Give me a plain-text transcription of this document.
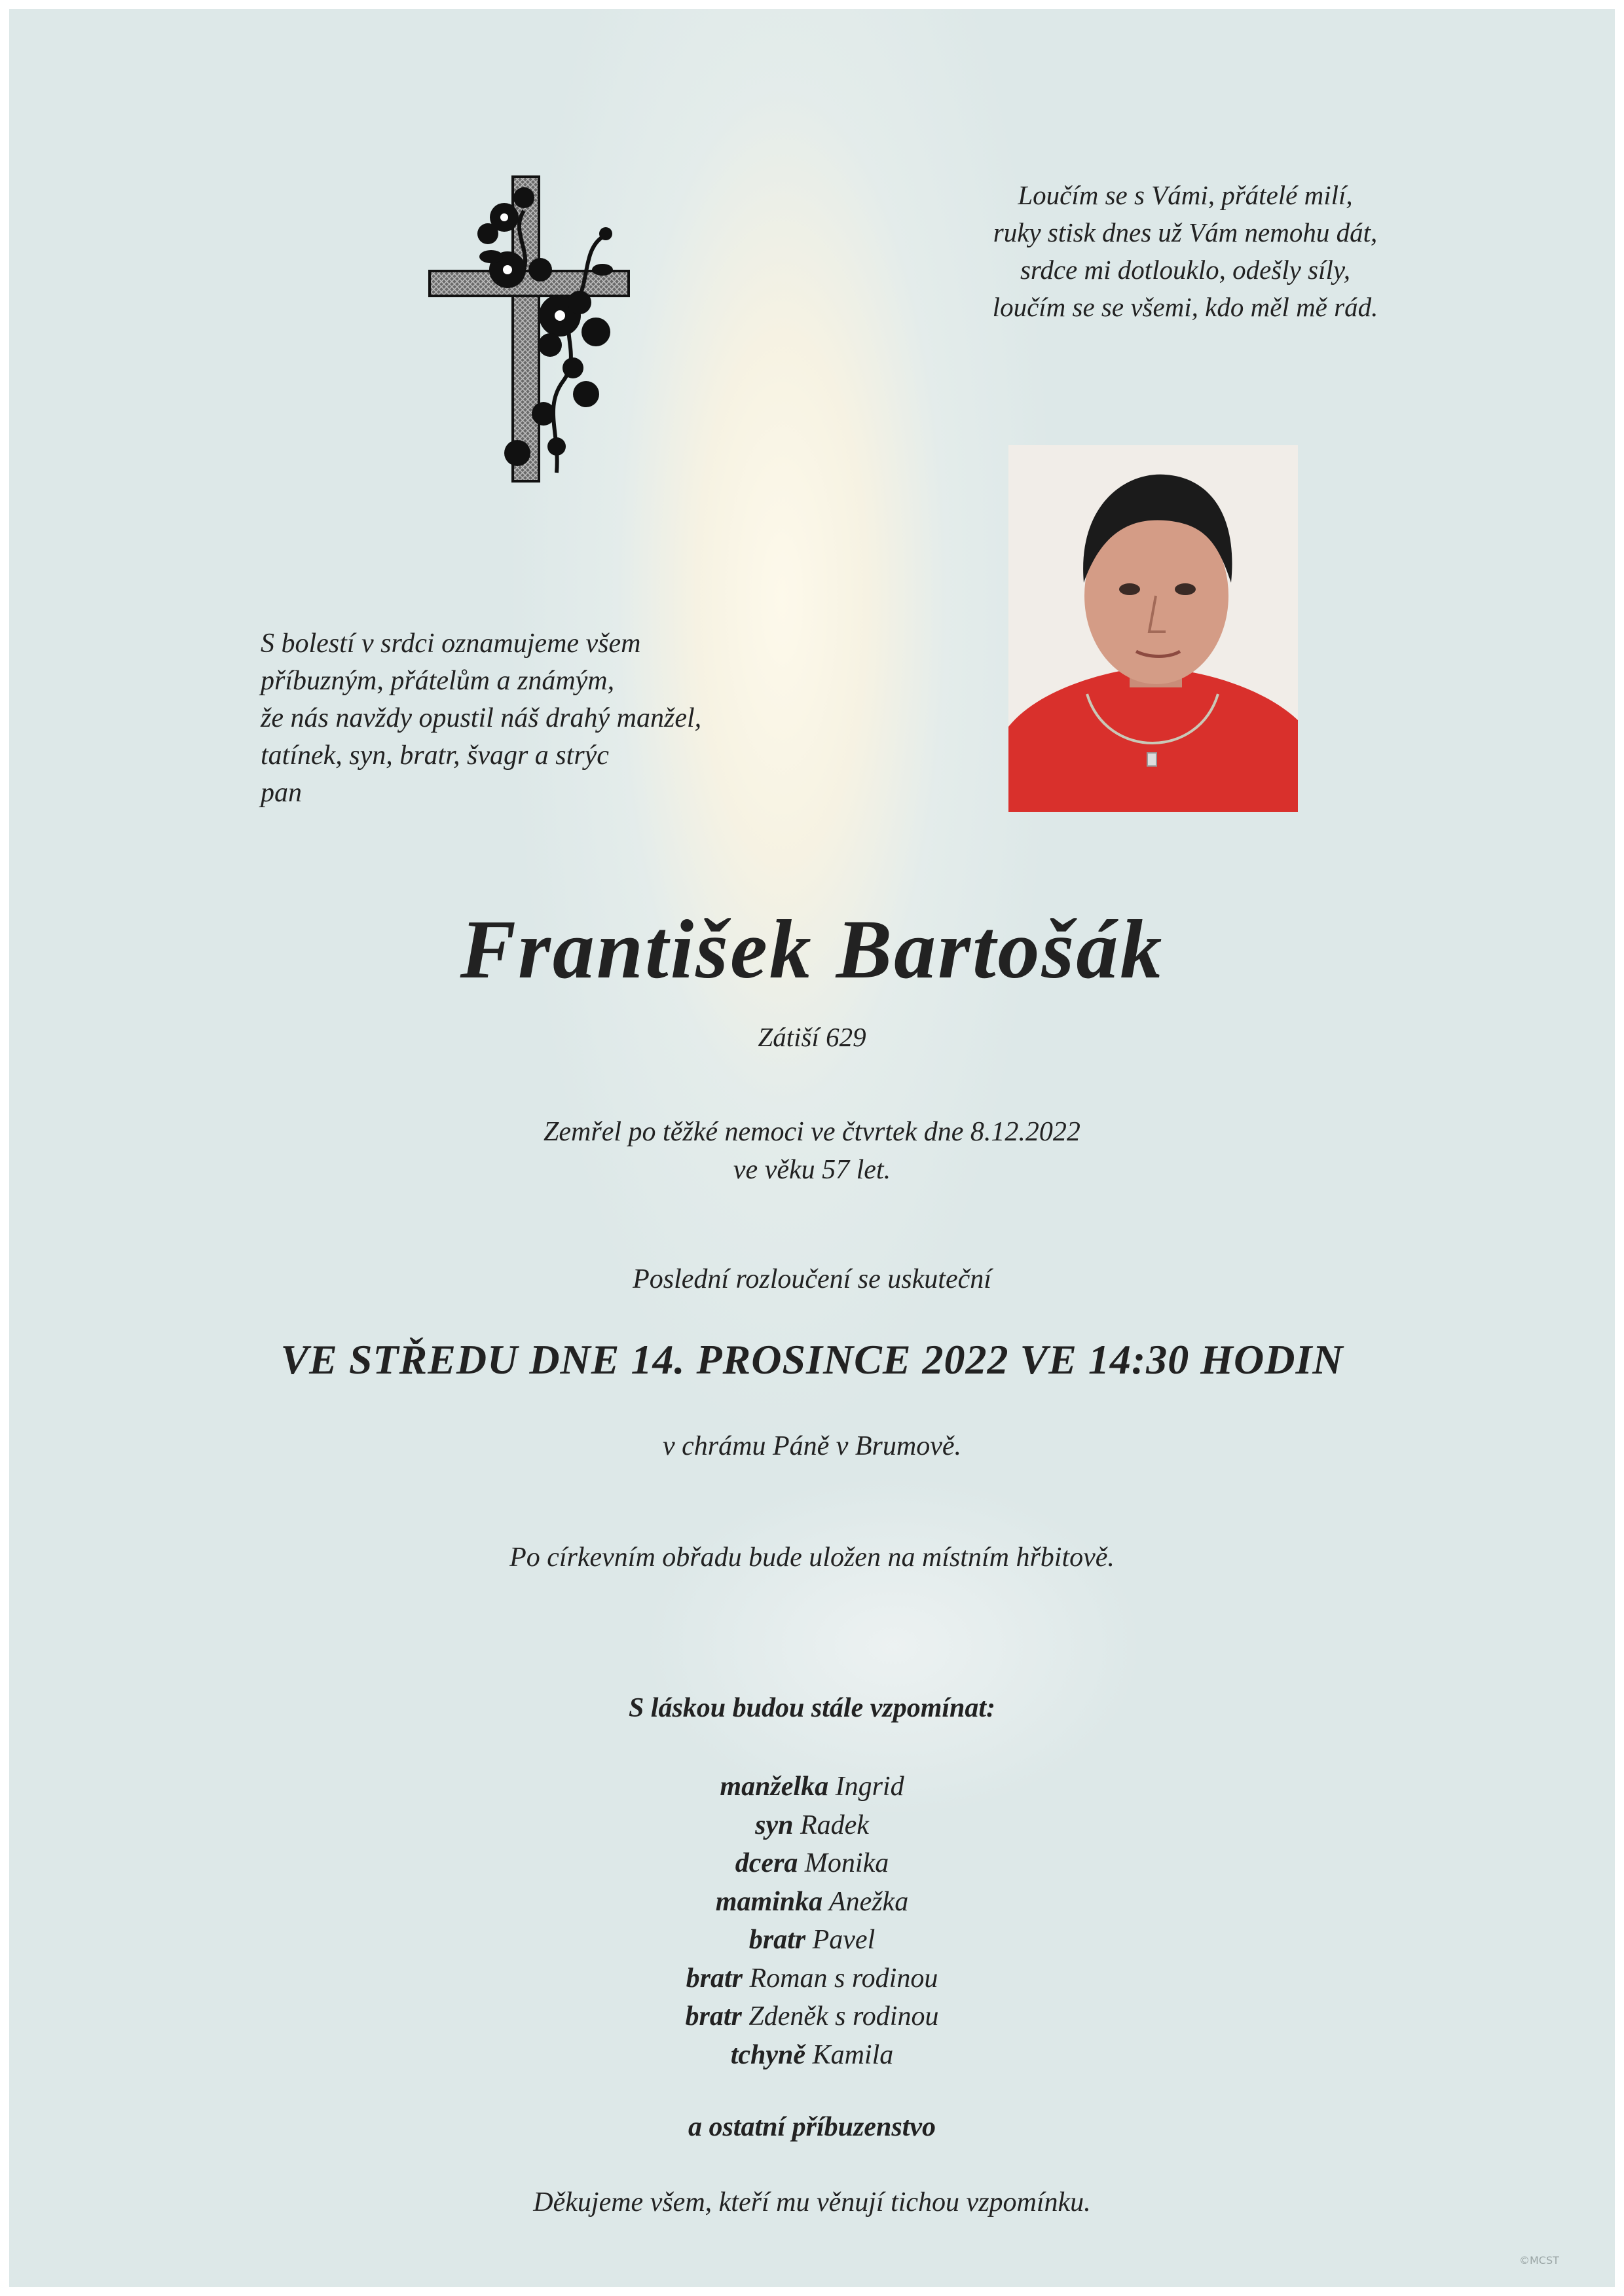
Loučím se s Vámi, přátelé milí,
ruky stisk dnes už Vám nemohu dát,
srdce mi dotlouklo, odešly síly,
loučím se se všemi, kdo měl mě rád.
S bolestí v srdci oznamujeme všem
příbuzným, přátelům a známým,
že nás navždy opustil náš drahý manžel,
tatínek, syn, bratr, švagr a strýc
pan
František Bartošák
Zátiší 629
Zemřel po těžké nemoci ve čtvrtek dne 8.12.2022
ve věku 57 let.
Poslední rozloučení se uskuteční
VE STŘEDU DNE 14. PROSINCE 2022 VE 14:30 HODIN
v chrámu Páně v Brumově.
Po církevním obřadu bude uložen na místním hřbitově.
S láskou budou stále vzpomínat:
manželka Ingrid
syn Radek
dcera Monika
maminka Anežka
bratr Pavel
bratr Roman s rodinou
bratr Zdeněk s rodinou
tchyně Kamila
a ostatní příbuzenstvo
Děkujeme všem, kteří mu věnují tichou vzpomínku.
©MCST
